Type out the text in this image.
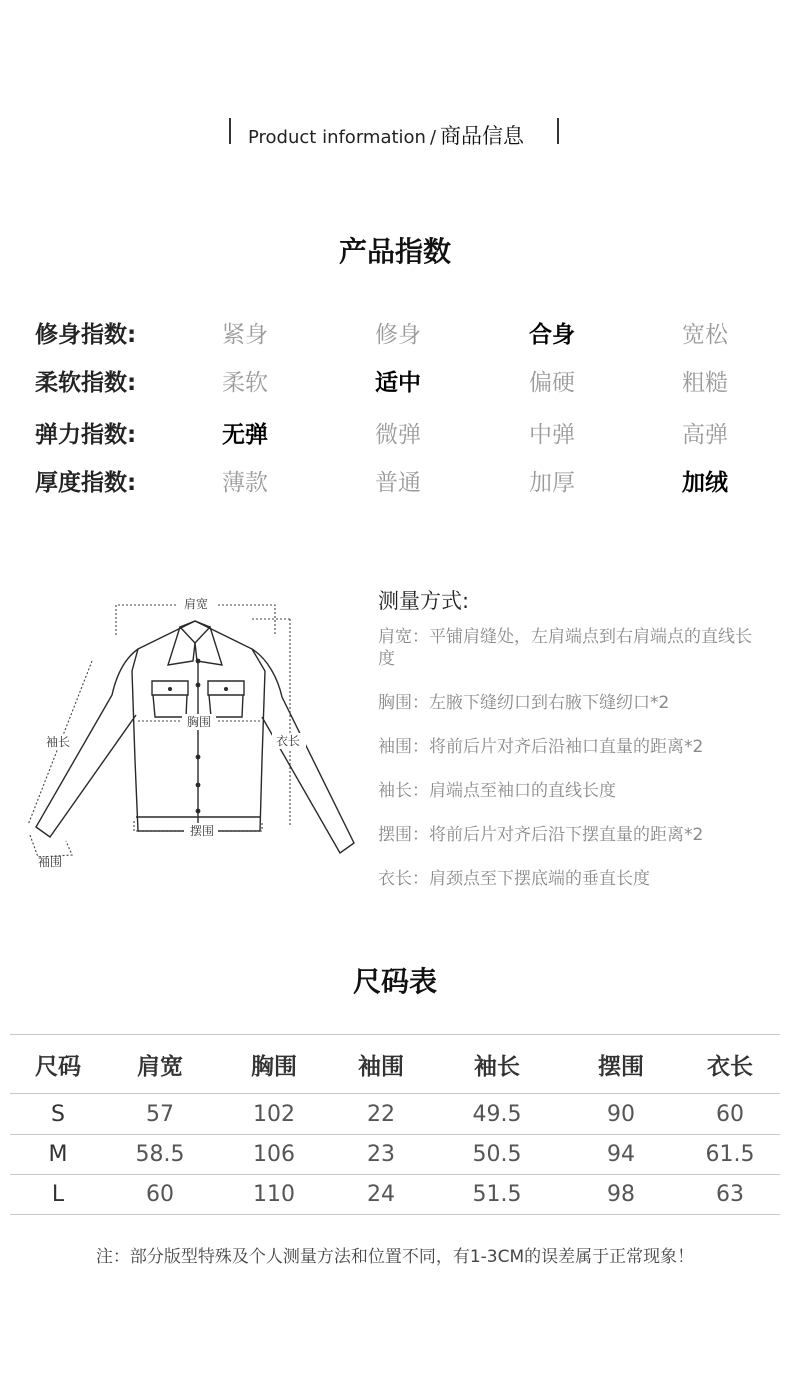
Product information / 商品信息
产品指数
修身指数:	紧身	修身	合身	宽松
柔软指数:	柔软	适中	偏硬	粗糙
弹力指数:	无弹	微弹	中弹	高弹
厚度指数:	薄款	普通	加厚	加绒
肩宽
胸围
袖长	衣长
摆围
袖围
测量方式:
肩宽：平铺肩缝处，左肩端点到右肩端点的直线长度
胸围：左腋下缝纫口到右腋下缝纫口*2
袖围：将前后片对齐后沿袖口直量的距离*2
袖长：肩端点至袖口的直线长度
摆围：将前后片对齐后沿下摆直量的距离*2
衣长：肩颈点至下摆底端的垂直长度
尺码表
尺码	肩宽	胸围	袖围	袖长	摆围	衣长
S	57	102	22	49.5	90	60
M	58.5	106	23	50.5	94	61.5
L	60	110	24	51.5	98	63
注：部分版型特殊及个人测量方法和位置不同，有1-3CM的误差属于正常现象！
